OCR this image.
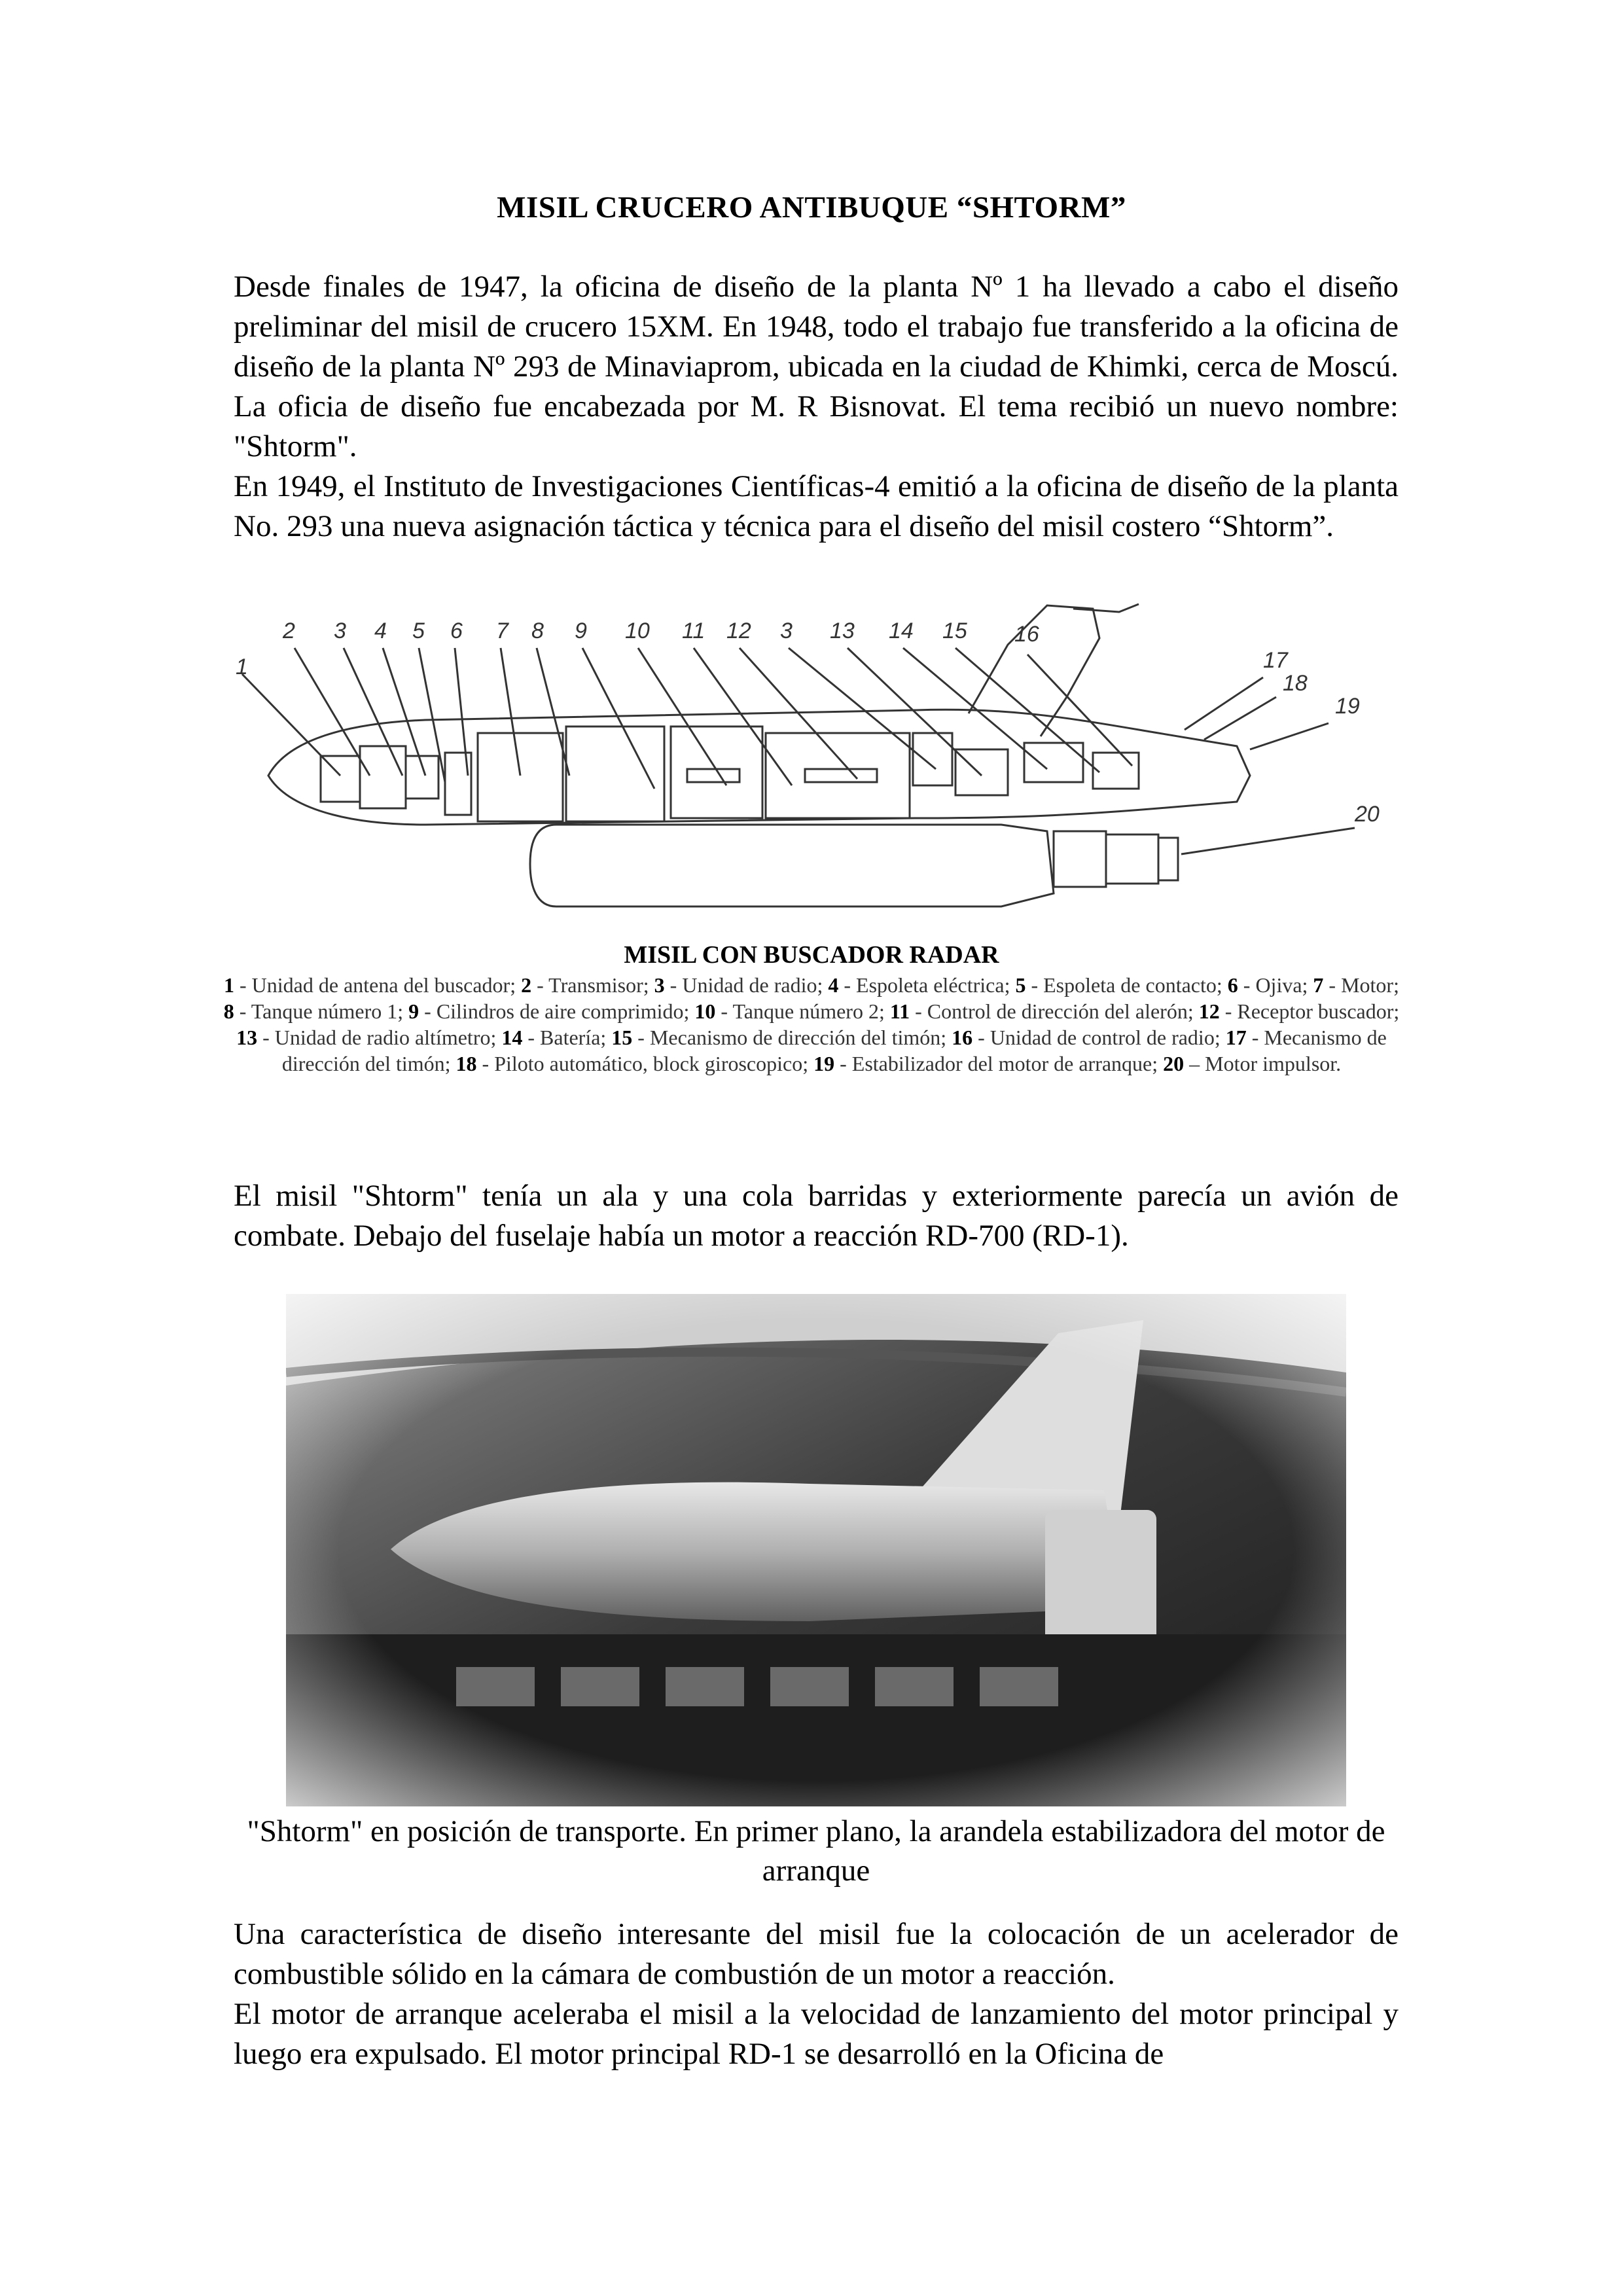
MISIL CRUCERO ANTIBUQUE “SHTORM”

Desde finales de 1947, la oficina de diseño de la planta Nº 1 ha llevado a cabo el diseño preliminar del misil de crucero 15XM. En 1948, todo el trabajo fue transferido a la oficina de diseño de la planta Nº 293 de Minaviaprom, ubicada en la ciudad de Khimki, cerca de Moscú. La oficia de diseño fue encabezada por M. R Bisnovat. El tema recibió un nuevo nombre: "Shtorm".

En 1949, el Instituto de Investigaciones Científicas-4 emitió a la oficina de diseño de la planta No. 293 una nueva asignación táctica y técnica para el diseño del misil costero “Shtorm”.

1
2 3 4 5 6 7 8 9 10 11 12 3 13 14 15 16
17
18
19
20
MISIL CON BUSCADOR RADAR
1 - Unidad de antena del buscador; 2 - Transmisor; 3 - Unidad de radio; 4 - Espoleta eléctrica; 5 - Espoleta de contacto; 6 - Ojiva; 7 - Motor; 8 - Tanque número 1; 9 - Cilindros de aire comprimido; 10 - Tanque número 2; 11 - Control de dirección del alerón; 12 - Receptor buscador; 13 - Unidad de radio altímetro; 14 - Batería; 15 - Mecanismo de dirección del timón; 16 - Unidad de control de radio; 17 - Mecanismo de dirección del timón; 18 - Piloto automático, block giroscopico; 19 - Estabilizador del motor de arranque; 20 – Motor impulsor.
El misil "Shtorm" tenía un ala y una cola barridas y exteriormente parecía un avión de combate. Debajo del fuselaje había un motor a reacción RD-700 (RD-1).
"Shtorm" en posición de transporte. En primer plano, la arandela estabilizadora del motor de arranque

Una característica de diseño interesante del misil fue la colocación de un acelerador de combustible sólido en la cámara de combustión de un motor a reacción.

El motor de arranque aceleraba el misil a la velocidad de lanzamiento del motor principal y luego era expulsado. El motor principal RD-1 se desarrolló en la Oficina de
